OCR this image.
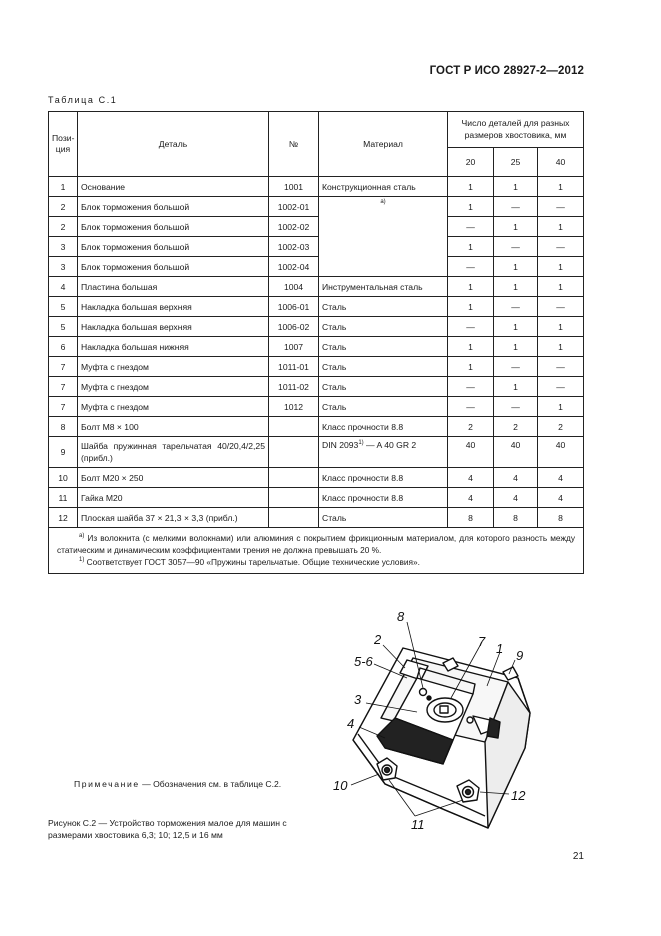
ГОСТ Р ИСО 28927-2—2012
Таблица С.1
Пози-
ция	Деталь	№	Материал	Число деталей для разных размеров хвостовика, мм		
				20	25	40
1	Основание	1001	Конструкционная сталь	1	1	1
2	Блок торможения большой	1002-01	$^{а)}$	1	—	—
2	Блок торможения большой	1002-02		—	1	1
3	Блок торможения большой	1002-03		1	—	—
3	Блок торможения большой	1002-04		—	1	1
4	Пластина большая	1004	Инструментальная сталь	1	1	1
5	Накладка большая верхняя	1006-01	Сталь	1	—	—
5	Накладка большая верхняя	1006-02	Сталь	—	1	1
6	Накладка большая нижняя	1007	Сталь	1	1	1
7	Муфта с гнездом	1011-01	Сталь	1	—	—
7	Муфта с гнездом	1011-02	Сталь	—	1	—
7	Муфта с гнездом	1012	Сталь	—	—	1
8	Болт М8 × 100		Класс прочности 8.8	2	2	2
9	Шайба пружинная тарельчатая 40/20,4/2,25 (прибл.)		DIN 2093$^{1)}$ — A 40 GR 2	40	40	40
10	Болт М20 × 250		Класс прочности 8.8	4	4	4
11	Гайка М20		Класс прочности 8.8	4	4	4
12	Плоская шайба 37 × 21,3 × 3,3 (прибл.)		Сталь	8	8	8

$^{а)}$ Из волокнита (с мелкими волокнами) или алюминия с покрытием фрикционным материалом, для которого разность между статическим и динамическим коэффициентами трения не должна превышать 20 %.

$^{1)}$ Соответствует ГОСТ 3057—90 «Пружины тарельчатые. Общие технические условия».						

Примечание — Обозначения см. в таблице С.2.
Рисунок С.2 — Устройство торможения малое для машин с размерами хвостовика 6,3; 10; 12,5 и 16 мм
21
8
2
5-6
3
4
7 1 9
10
11
12
